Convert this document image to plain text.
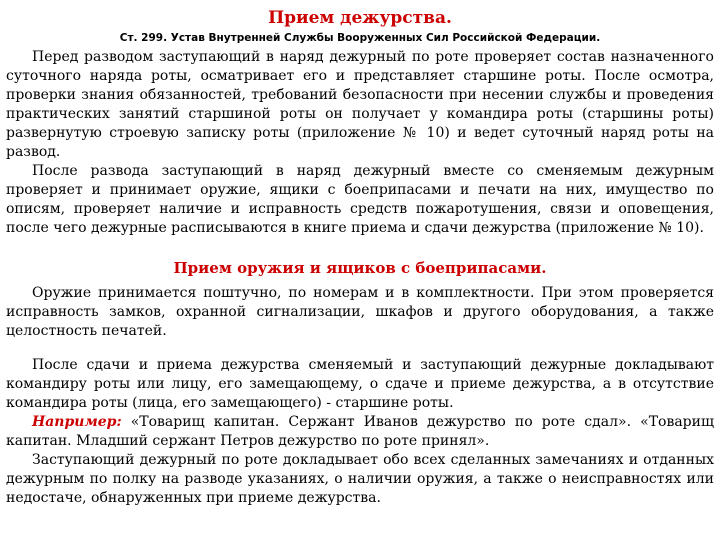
Прием дежурства.
Ст. 299. Устав Внутренней Службы Вооруженных Сил Российской Федерации.

Перед разводом заступающий в наряд дежурный по роте проверяет состав назначенного суточного наряда роты, осматривает его и представляет старшине роты. После осмотра, проверки знания обязанностей, требований безопасности при несении службы и проведения практических занятий старшиной роты он получает у командира роты (старшины роты) развернутую строевую записку роты (приложение № 10) и ведет суточный наряд роты на развод.

После развода заступающий в наряд дежурный вместе со сменяемым дежурным проверяет и принимает оружие, ящики с боеприпасами и печати на них, имущество по описям, проверяет наличие и исправность средств пожаротушения, связи и оповещения, после чего дежурные расписываются в книге приема и сдачи дежурства (приложение № 10).

Прием оружия и ящиков с боеприпасами.

Оружие принимается поштучно, по номерам и в комплектности. При этом проверяется исправность замков, охранной сигнализации, шкафов и другого оборудования, а также целостность печатей.

После сдачи и приема дежурства сменяемый и заступающий дежурные докладывают командиру роты или лицу, его замещающему, о сдаче и приеме дежурства, а в отсутствие командира роты (лица, его замещающего) - старшине роты.

Например: «Товарищ капитан. Сержант Иванов дежурство по роте сдал». «Товарищ капитан. Младший сержант Петров дежурство по роте принял».

Заступающий дежурный по роте докладывает обо всех сделанных замечаниях и отданных дежурным по полку на разводе указаниях, о наличии оружия, а также о неисправностях или недостаче, обнаруженных при приеме дежурства.
